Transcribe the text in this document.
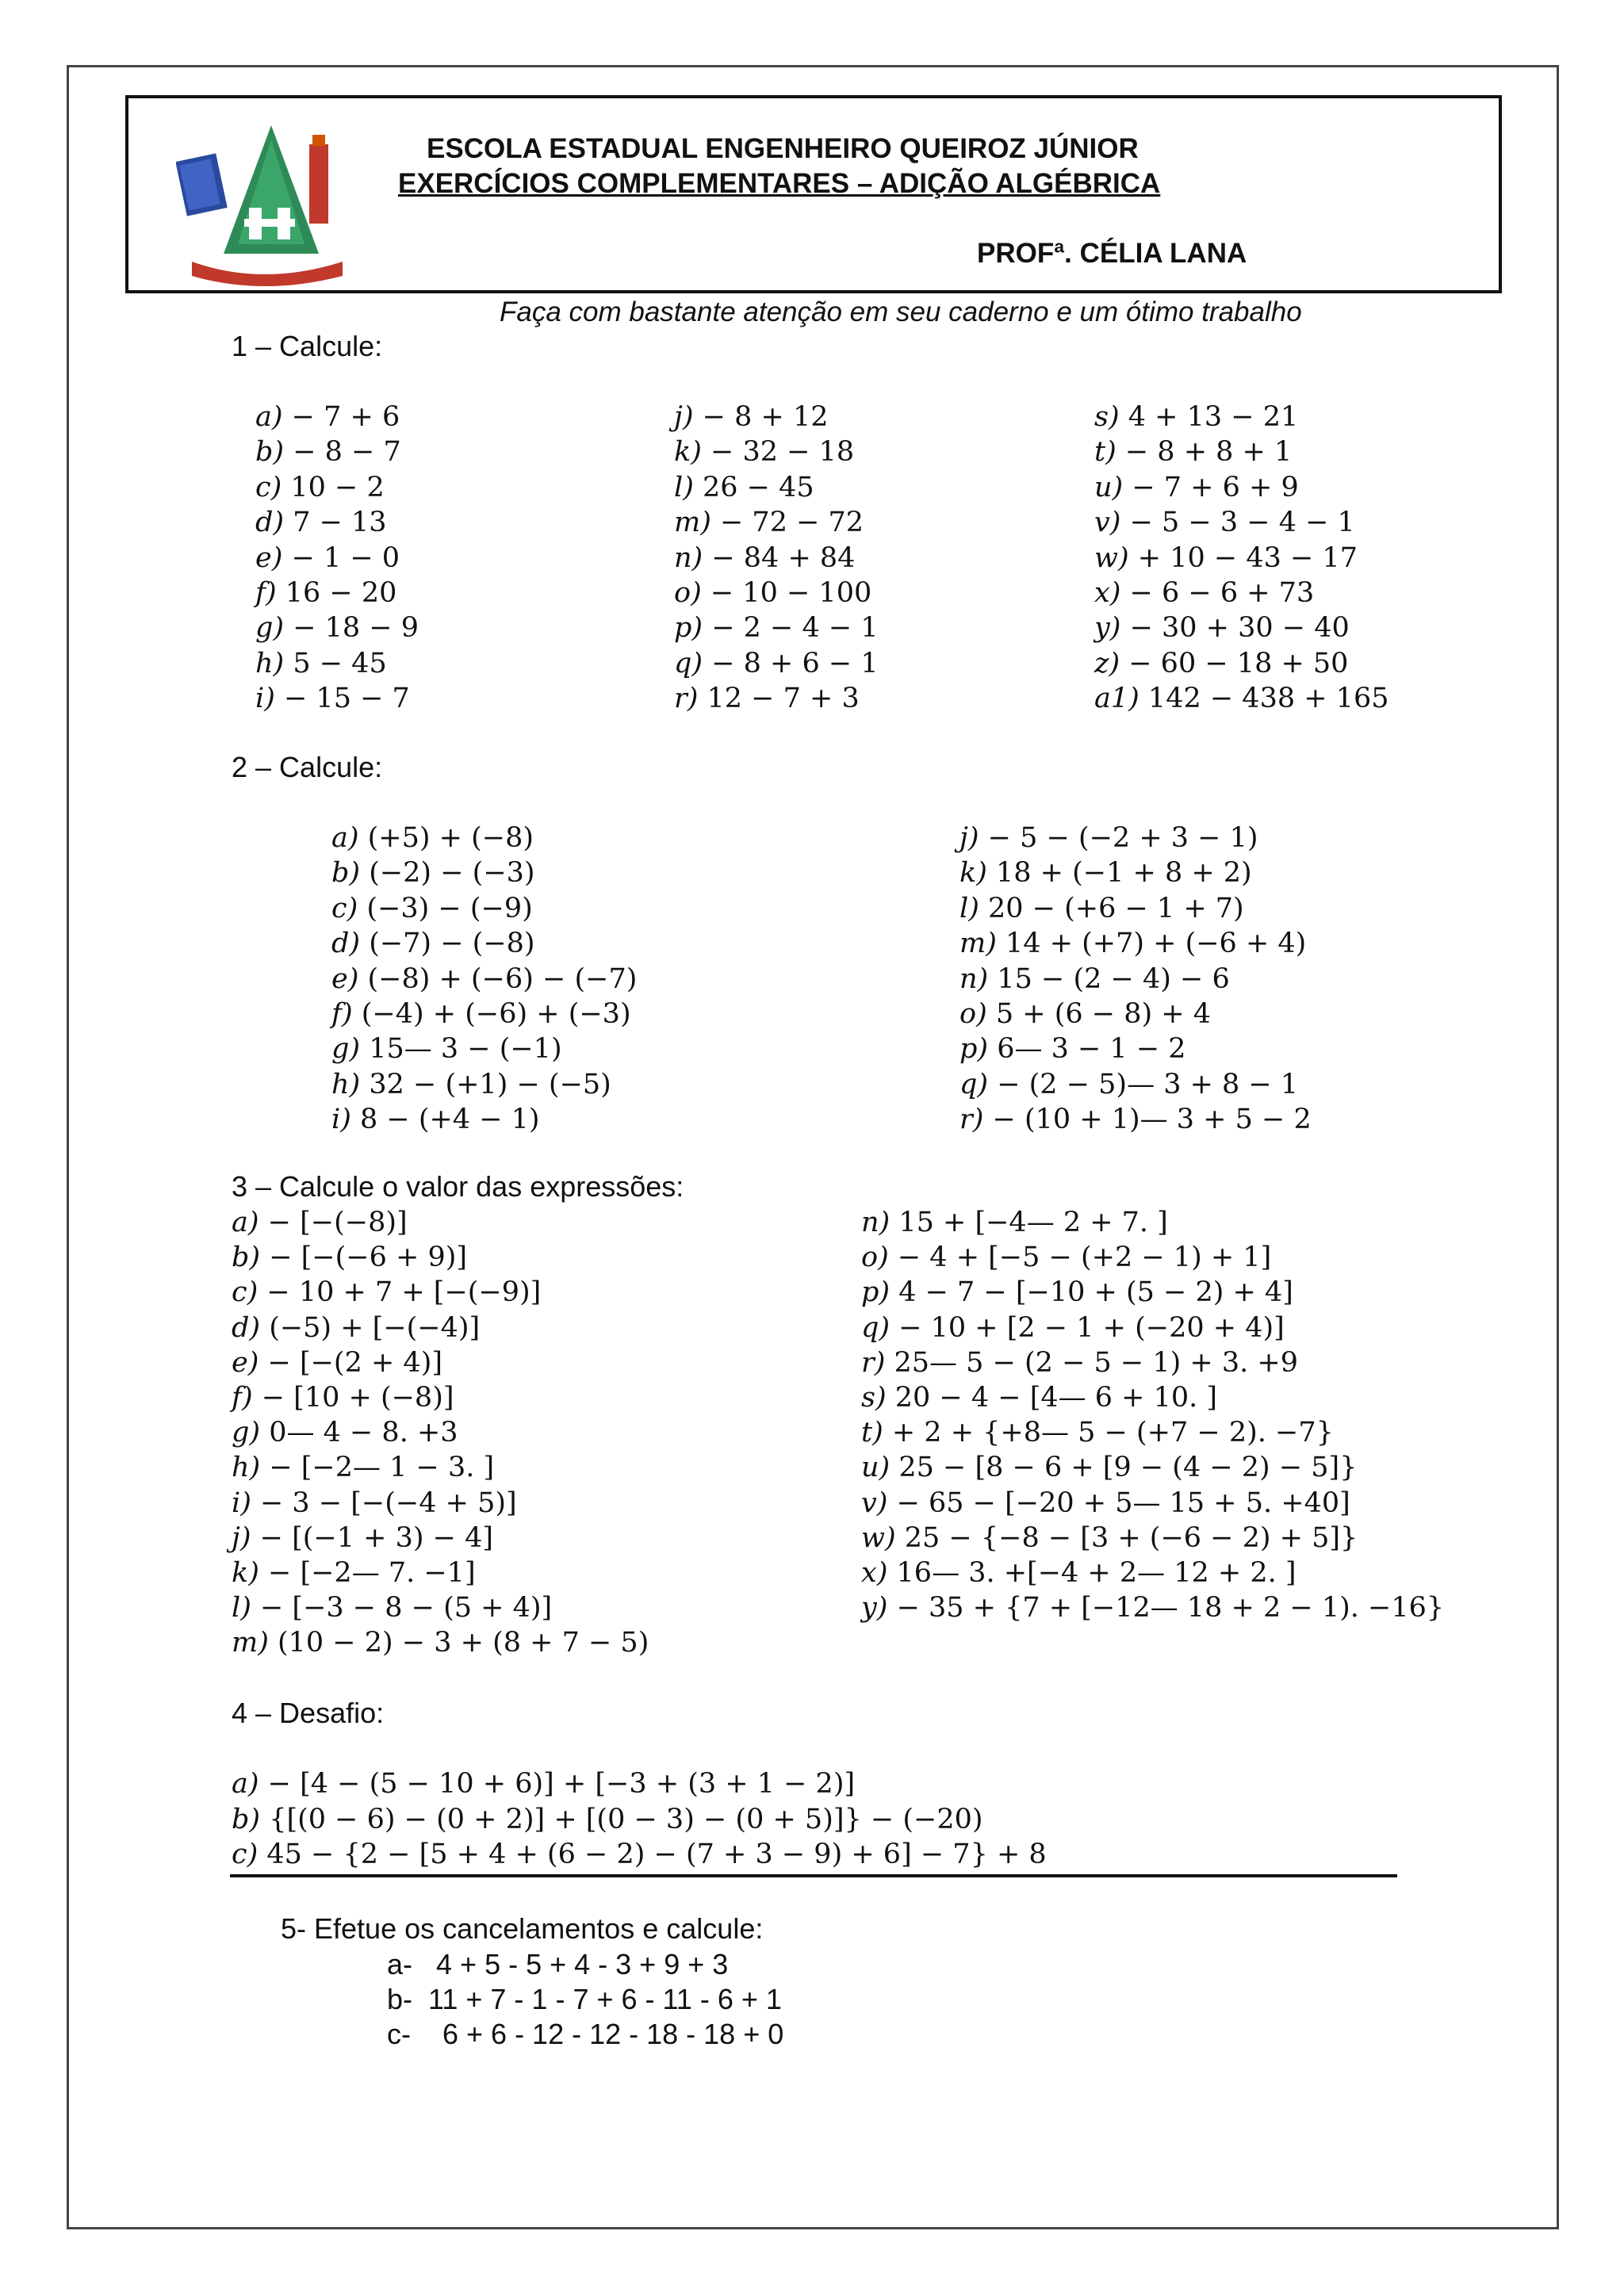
ESCOLA ESTADUAL ENGENHEIRO QUEIROZ JÚNIOR
EXERCÍCIOS COMPLEMENTARES – ADIÇÃO ALGÉBRICA
PROFª. CÉLIA LANA
Faça com bastante atenção em seu caderno e um ótimo trabalho
1 – Calcule:
a) − 7 + 6
b) − 8 − 7
c) 10 − 2
d) 7 − 13
e) − 1 − 0
f) 16 − 20
g) − 18 − 9
h) 5 − 45
i) − 15 − 7
j) − 8 + 12
k) − 32 − 18
l) 26 − 45
m) − 72 − 72
n) − 84 + 84
o) − 10 − 100
p) − 2 − 4 − 1
q) − 8 + 6 − 1
r) 12 − 7 + 3
s) 4 + 13 − 21
t) − 8 + 8 + 1
u) − 7 + 6 + 9
v) − 5 − 3 − 4 − 1
w) + 10 − 43 − 17
x) − 6 − 6 + 73
y) − 30 + 30 − 40
z) − 60 − 18 + 50
a1) 142 − 438 + 165
2 – Calcule:
a) (+5) + (−8)
b) (−2) − (−3)
c) (−3) − (−9)
d) (−7) − (−8)
e) (−8) + (−6) − (−7)
f) (−4) + (−6) + (−3)
g) 15— 3 − (−1)
h) 32 − (+1) − (−5)
i) 8 − (+4 − 1)
j) − 5 − (−2 + 3 − 1)
k) 18 + (−1 + 8 + 2)
l) 20 − (+6 − 1 + 7)
m) 14 + (+7) + (−6 + 4)
n) 15 − (2 − 4) − 6
o) 5 + (6 − 8) + 4
p) 6— 3 − 1 − 2
q) − (2 − 5)— 3 + 8 − 1
r) − (10 + 1)— 3 + 5 − 2
3 – Calcule o valor das expressões:
a) − [−(−8)]
b) − [−(−6 + 9)]
c) − 10 + 7 + [−(−9)]
d) (−5) + [−(−4)]
e) − [−(2 + 4)]
f) − [10 + (−8)]
g) 0— 4 − 8. +3
h) − [−2— 1 − 3. ]
i) − 3 − [−(−4 + 5)]
j) − [(−1 + 3) − 4]
k) − [−2— 7. −1]
l) − [−3 − 8 − (5 + 4)]
m) (10 − 2) − 3 + (8 + 7 − 5)
n) 15 + [−4— 2 + 7. ]
o) − 4 + [−5 − (+2 − 1) + 1]
p) 4 − 7 − [−10 + (5 − 2) + 4]
q) − 10 + [2 − 1 + (−20 + 4)]
r) 25— 5 − (2 − 5 − 1) + 3. +9
s) 20 − 4 − [4— 6 + 10. ]
t) + 2 + {+8— 5 − (+7 − 2). −7}
u) 25 − [8 − 6 + [9 − (4 − 2) − 5]}
v) − 65 − [−20 + 5— 15 + 5. +40]
w) 25 − {−8 − [3 + (−6 − 2) + 5]}
x) 16— 3. +[−4 + 2— 12 + 2. ]
y) − 35 + {7 + [−12— 18 + 2 − 1). −16}
4 – Desafio:
a) − [4 − (5 − 10 + 6)] + [−3 + (3 + 1 − 2)]
b) {[(0 − 6) − (0 + 2)] + [(0 − 3) − (0 + 5)]} − (−20)
c) 45 − {2 − [5 + 4 + (6 − 2) − (7 + 3 − 9) + 6] − 7} + 8
5- Efetue os cancelamentos e calcule:
a-   4 + 5 - 5 + 4 - 3 + 9 + 3
b-  11 + 7 - 1 - 7 + 6 - 11 - 6 + 1
c-    6 + 6 - 12 - 12 - 18 - 18 + 0
